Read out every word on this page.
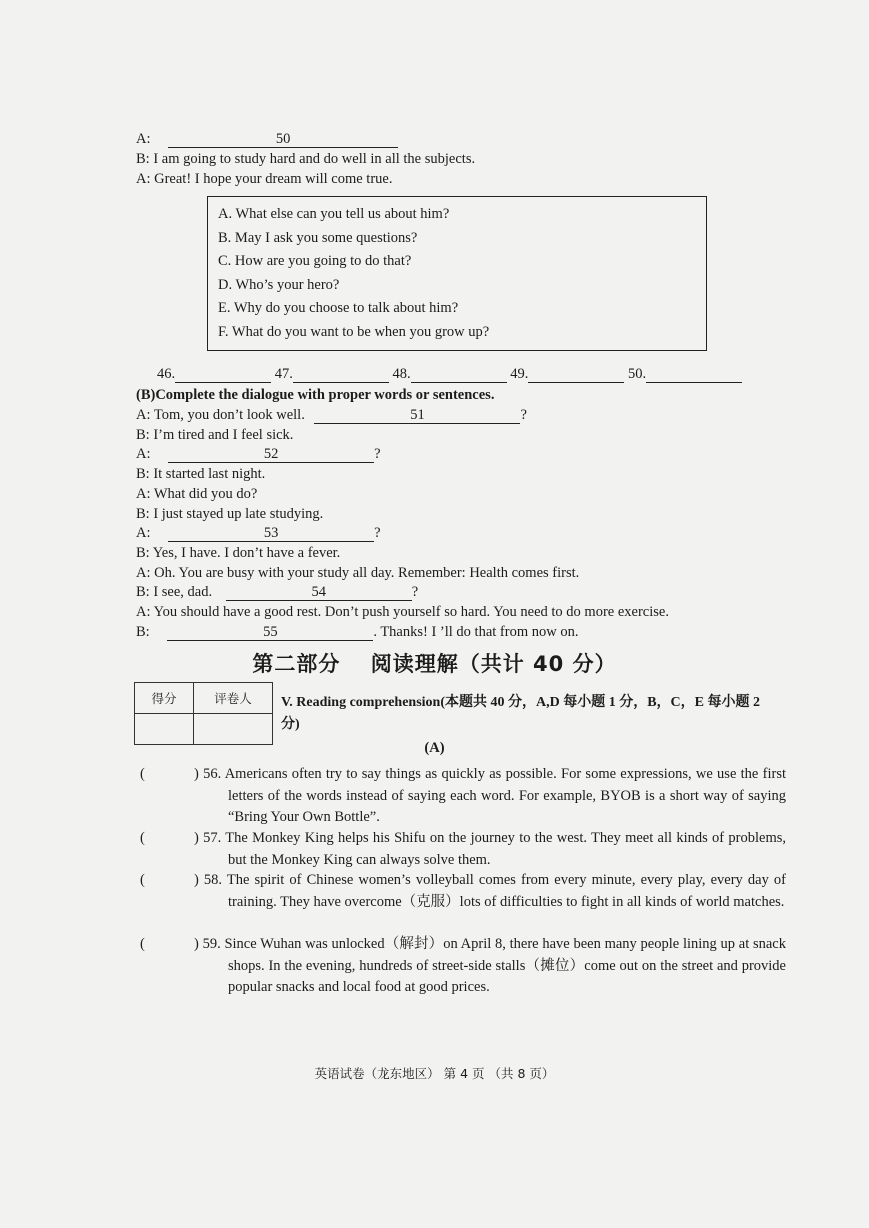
A:	50
B: I am going to study hard and do well in all the subjects.
A: Great! I hope your dream will come true.
A. What else can you tell us about him?
B. May I ask you some questions?
C. How are you going to do that?
D. Who’s your hero?
E. Why do you choose to talk about him?
F. What do you want to be when you grow up?
46.	47.	48.	49.	50.
(B)Complete the dialogue with proper words or sentences.
A: Tom, you don’t look well.	51	?
B: I’m tired and I feel sick.
A:	52	?
B: It started last night.
A: What did you do?
B: I just stayed up late studying.
A:	53	?
B: Yes, I have. I don’t have a fever.
A: Oh. You are busy with your study all day. Remember: Health comes first.
B: I see, dad.	54	?
A: You should have a good rest. Don’t push yourself so hard. You need to do more exercise.
B:	55	. Thanks! I ’ll do that from now on.
第二部分　 阅读理解（共计 40 分）
得分	评卷人
	V. Reading comprehension(本题共 40 分，A,D 每小题 1 分，B，C，E 每小题 2 分)
(A)
(	) 56. Americans often try to say things as quickly as possible. For some expressions, we use the first letters of the words instead of saying each word. For example, BYOB is a short way of saying “Bring Your Own Bottle”.
(	) 57. The Monkey King helps his Shifu on the journey to the west. They meet all kinds of problems, but the Monkey King can always solve them.
(	) 58. The spirit of Chinese women’s volleyball comes from every minute, every play, every day of training. They have overcome（克服）lots of difficulties to fight in all kinds of world matches.
(	) 59. Since Wuhan was unlocked（解封）on April 8, there have been many people lining up at snack shops. In the evening, hundreds of street-side stalls（摊位）come out on the street and provide popular snacks and local food at good prices.
英语试卷（龙东地区） 第 4 页 （共 8 页）
